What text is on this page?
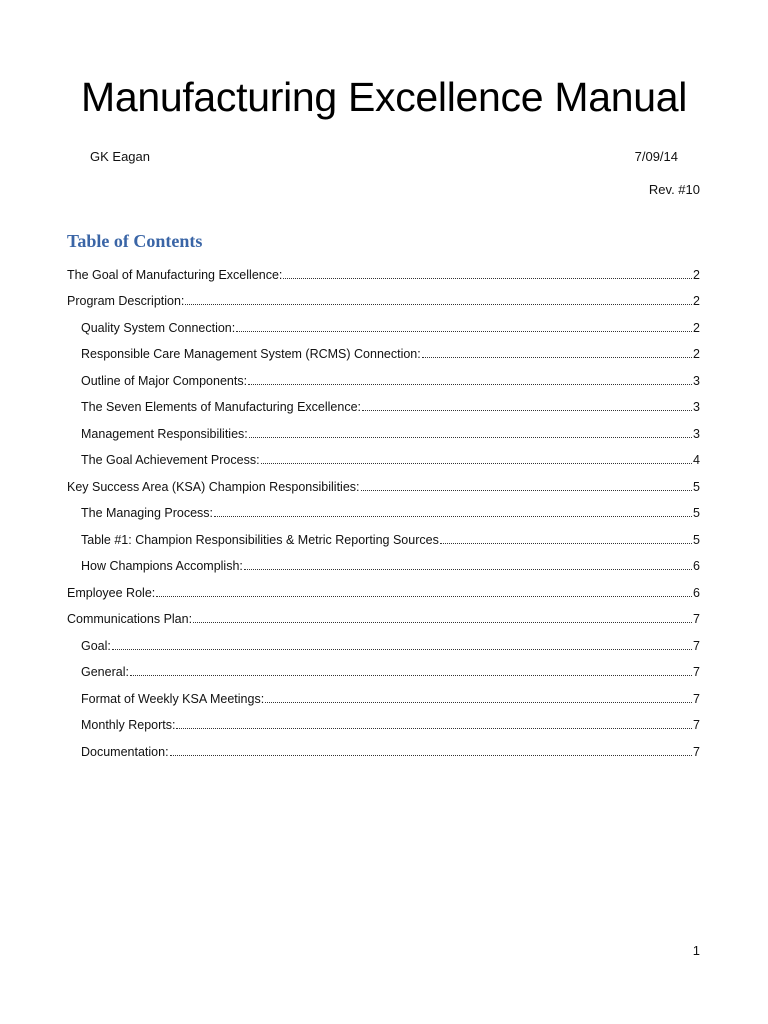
Manufacturing Excellence Manual
GK Eagan	7/09/14
Rev. #10
Table of Contents
The Goal of Manufacturing Excellence:	2
Program Description:	2
Quality System Connection:	2
Responsible Care Management System (RCMS) Connection:	2
Outline of Major Components:	3
The Seven Elements of Manufacturing Excellence:	3
Management Responsibilities:	3
The Goal Achievement Process:	4
Key Success Area (KSA) Champion Responsibilities:	5
The Managing Process:	5
Table #1: Champion Responsibilities & Metric Reporting Sources	5
How Champions Accomplish:	6
Employee Role:	6
Communications Plan:	7
Goal:	7
General:	7
Format of Weekly KSA Meetings:	7
Monthly Reports:	7
Documentation:	7
1
